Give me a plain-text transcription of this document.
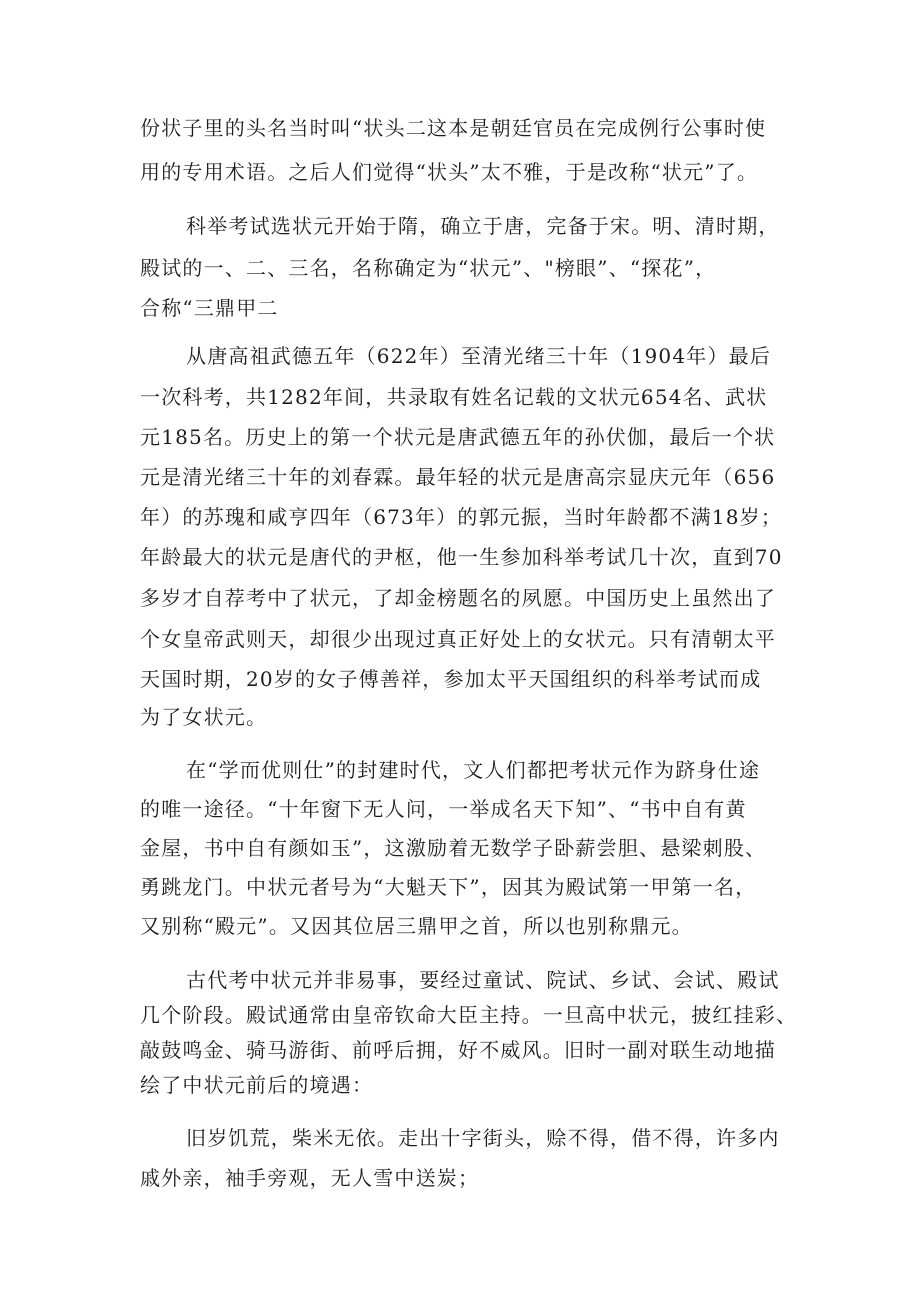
份状子里的头名当时叫“状头二这本是朝廷官员在完成例行公事时使
用的专用术语。之后人们觉得“状头”太不雅，于是改称“状元”了。
科举考试选状元开始于隋，确立于唐，完备于宋。明、清时期，
殿试的一、二、三名，名称确定为“状元”、"榜眼”、“探花”，
合称“三鼎甲二
从唐高祖武德五年（622年）至清光绪三十年（1904年）最后
一次科考，共1282年间，共录取有姓名记载的文状元654名、武状
元185名。历史上的第一个状元是唐武德五年的孙伏伽，最后一个状
元是清光绪三十年的刘春霖。最年轻的状元是唐高宗显庆元年（656
年）的苏瑰和咸亨四年（673年）的郭元振，当时年龄都不满18岁；
年龄最大的状元是唐代的尹枢，他一生参加科举考试几十次，直到70
多岁才自荐考中了状元，了却金榜题名的夙愿。中国历史上虽然出了
个女皇帝武则天，却很少出现过真正好处上的女状元。只有清朝太平
天国时期，20岁的女子傅善祥，参加太平天国组织的科举考试而成
为了女状元。
在“学而优则仕”的封建时代，文人们都把考状元作为跻身仕途
的唯一途径。“十年窗下无人问，一举成名天下知”、“书中自有黄
金屋，书中自有颜如玉”，这激励着无数学子卧薪尝胆、悬梁刺股、
勇跳龙门。中状元者号为“大魁天下”，因其为殿试第一甲第一名，
又别称“殿元”。又因其位居三鼎甲之首，所以也别称鼎元。
古代考中状元并非易事，要经过童试、院试、乡试、会试、殿试
几个阶段。殿试通常由皇帝钦命大臣主持。一旦高中状元，披红挂彩、
敲鼓鸣金、骑马游街、前呼后拥，好不威风。旧时一副对联生动地描
绘了中状元前后的境遇：
旧岁饥荒，柴米无依。走出十字街头，赊不得，借不得，许多内
戚外亲，袖手旁观，无人雪中送炭；
